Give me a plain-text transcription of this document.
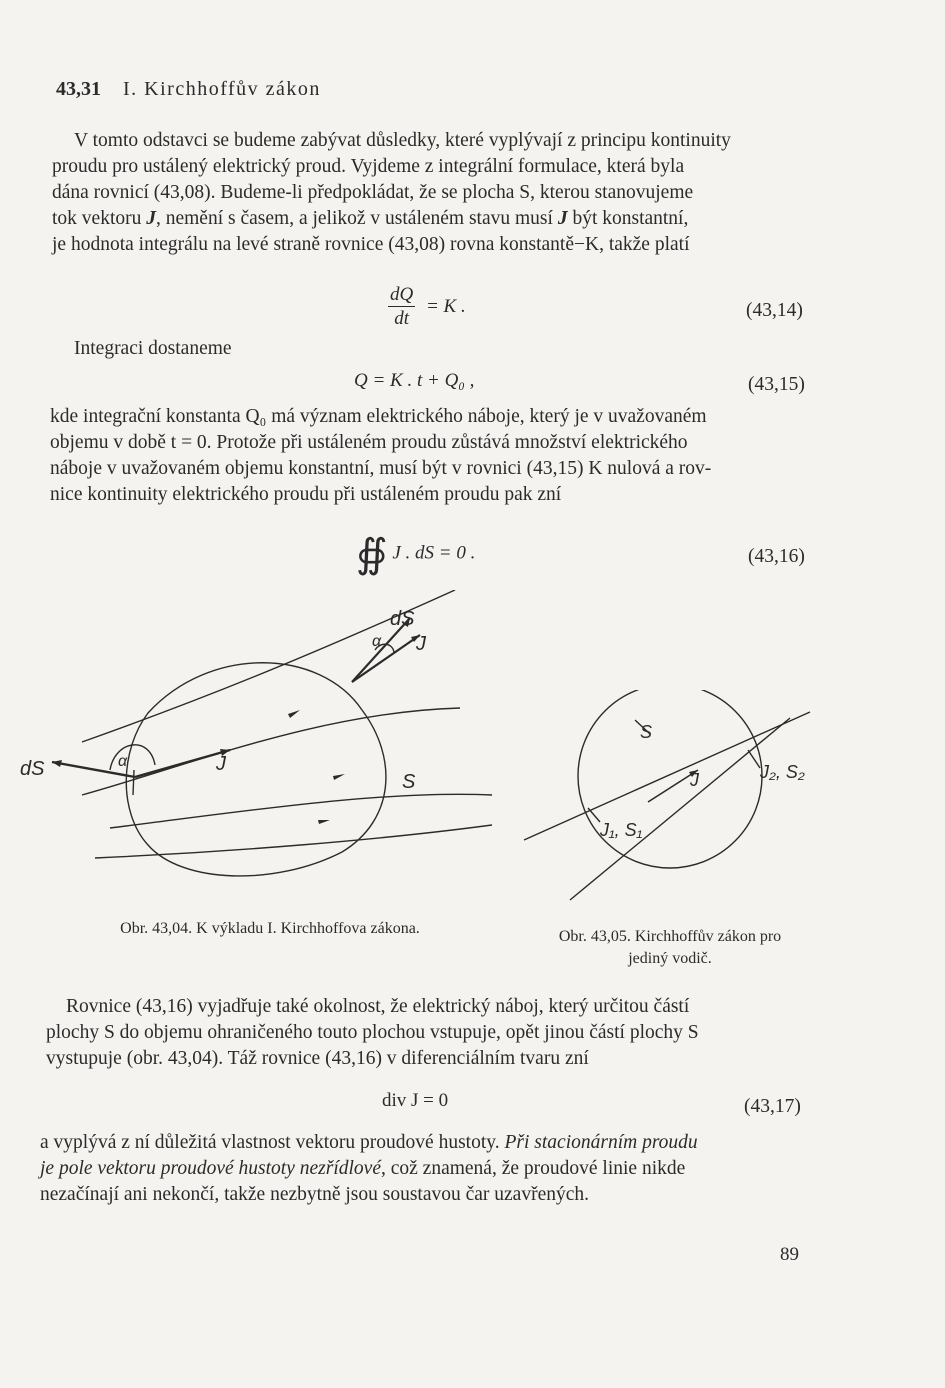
43,31 I. Kirchhoffův zákon
V tomto odstavci se budeme zabývat důsledky, které vyplývají z principu kontinuity
proudu pro ustálený elektrický proud. Vyjdeme z integrální formulace, která byla
dána rovnicí (43,08). Budeme-li předpokládat, že se plocha S, kterou stanovujeme
tok vektoru J, nemění s časem, a jelikož v ustáleném stavu musí J být konstantní,
je hodnota integrálu na levé straně rovnice (43,08) rovna konstantě−K, takže platí
$\frac{dQ}{dt} = K$ .	(43,14)
Integraci dostaneme
Q = K . t + Q₀ ,	(43,15)
kde integrační konstanta Q₀ má význam elektrického náboje, který je v uvažovaném
objemu v době t = 0. Protože při ustáleném proudu zůstává množství elektrického
náboje v uvažovaném objemu konstantní, musí být v rovnici (43,15) K nulová a rov-
nice kontinuity elektrického proudu při ustáleném proudu pak zní
∯ J . dS = 0 .	(43,16)
dS
J
α
dS	α	J
S
Obr. 43,04. K výkladu I. Kirchhoffova zákona.
S
J	J₂, S₂
J₁, S₁
Obr. 43,05. Kirchhoffův zákon pro
jediný vodič.
Rovnice (43,16) vyjadřuje také okolnost, že elektrický náboj, který určitou částí
plochy S do objemu ohraničeného touto plochou vstupuje, opět jinou částí plochy S
vystupuje (obr. 43,04). Táž rovnice (43,16) v diferenciálním tvaru zní
div J = 0	(43,17)
a vyplývá z ní důležitá vlastnost vektoru proudové hustoty. Při stacionárním proudu
je pole vektoru proudové hustoty nezřídlové, což znamená, že proudové linie nikde
nezačínají ani nekončí, takže nezbytně jsou soustavou čar uzavřených.
89
